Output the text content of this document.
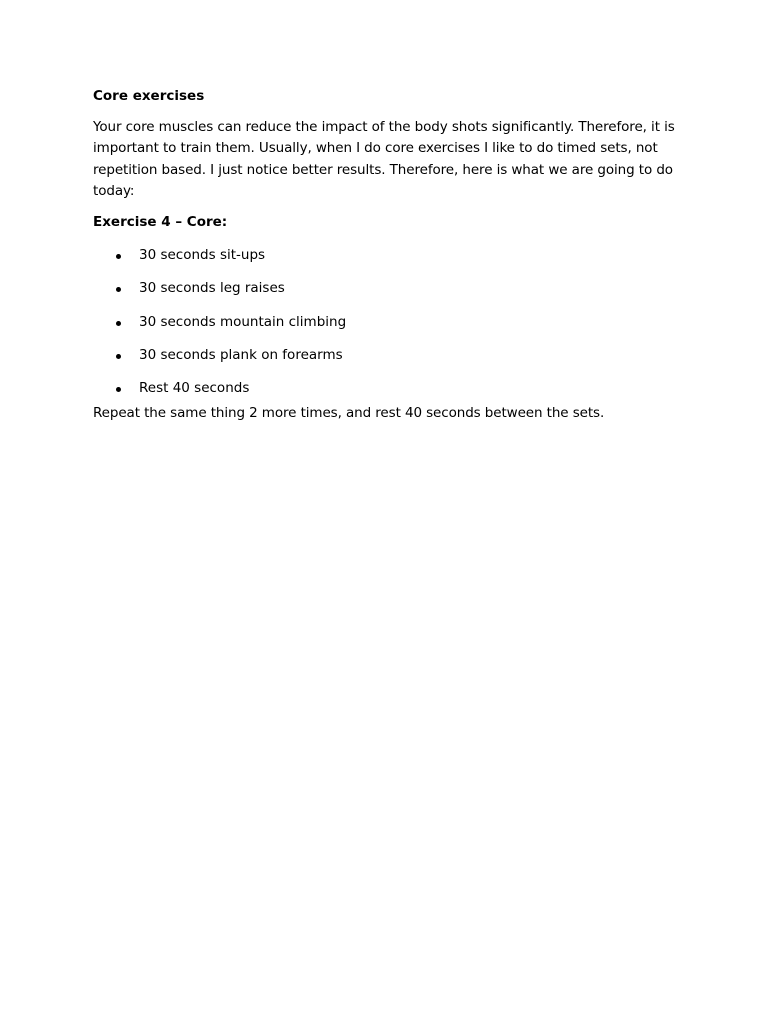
Core exercises

Your core muscles can reduce the impact of the body shots significantly. Therefore, it is important to train them. Usually, when I do core exercises I like to do timed sets, not repetition based. I just notice better results. Therefore, here is what we are going to do today:

Exercise 4 – Core:
30 seconds sit-ups
30 seconds leg raises
30 seconds mountain climbing
30 seconds plank on forearms
Rest 40 seconds

Repeat the same thing 2 more times, and rest 40 seconds between the sets.
